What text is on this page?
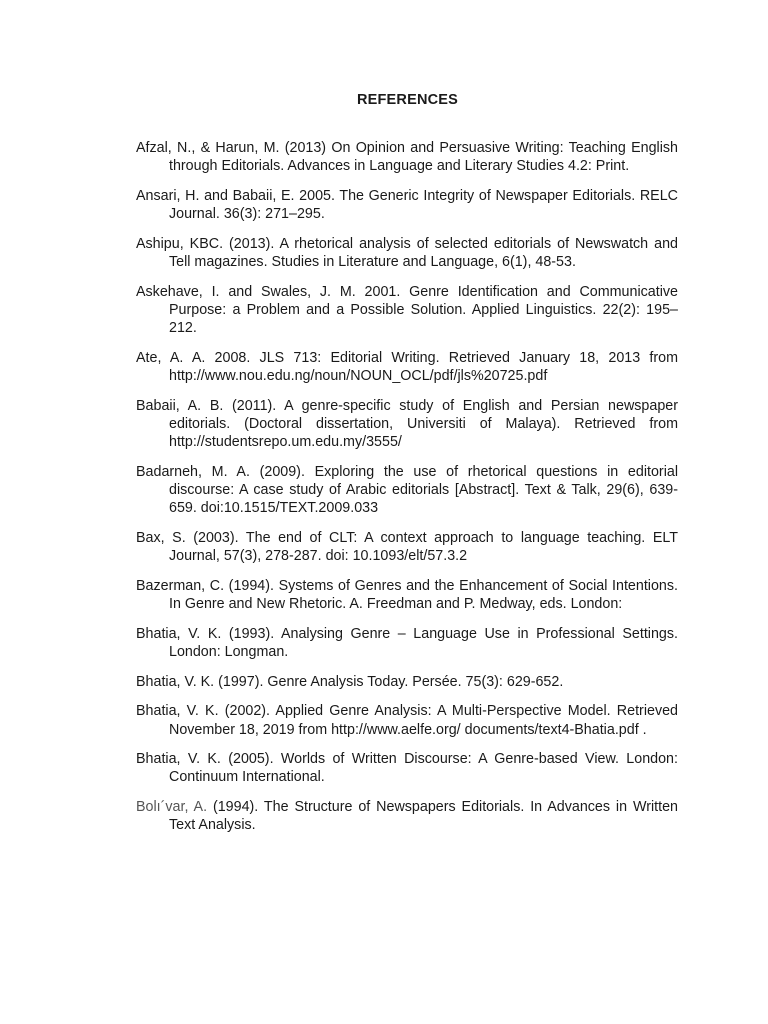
REFERENCES
Afzal, N., & Harun, M. (2013) On Opinion and Persuasive Writing: Teaching English through Editorials. Advances in Language and Literary Studies 4.2: Print.
Ansari, H. and Babaii, E. 2005. The Generic Integrity of Newspaper Editorials. RELC Journal. 36(3): 271–295.
Ashipu, KBC. (2013). A rhetorical analysis of selected editorials of Newswatch and Tell magazines. Studies in Literature and Language, 6(1), 48-53.
Askehave, I. and Swales, J. M. 2001. Genre Identification and Communicative Purpose: a Problem and a Possible Solution. Applied Linguistics. 22(2): 195–212.
Ate, A. A. 2008. JLS 713: Editorial Writing. Retrieved January 18, 2013 from http://www.nou.edu.ng/noun/NOUN_OCL/pdf/jls%20725.pdf
Babaii, A. B. (2011). A genre-specific study of English and Persian newspaper editorials. (Doctoral dissertation, Universiti of Malaya). Retrieved from http://studentsrepo.um.edu.my/3555/
Badarneh, M. A. (2009). Exploring the use of rhetorical questions in editorial discourse: A case study of Arabic editorials [Abstract]. Text & Talk, 29(6), 639-659. doi:10.1515/TEXT.2009.033
Bax, S. (2003). The end of CLT: A context approach to language teaching. ELT Journal, 57(3), 278-287. doi: 10.1093/elt/57.3.2
Bazerman, C. (1994). Systems of Genres and the Enhancement of Social Intentions. In Genre and New Rhetoric. A. Freedman and P. Medway, eds. London:
Bhatia, V. K. (1993). Analysing Genre – Language Use in Professional Settings. London: Longman.
Bhatia, V. K. (1997). Genre Analysis Today. Persée. 75(3): 629-652.
Bhatia, V. K. (2002). Applied Genre Analysis: A Multi-Perspective Model. Retrieved November 18, 2019 from http://www.aelfe.org/ documents/text4-Bhatia.pdf .
Bhatia, V. K. (2005). Worlds of Written Discourse: A Genre-based View. London: Continuum International.
Bolı´var, A. (1994). The Structure of Newspapers Editorials. In Advances in Written Text Analysis.
